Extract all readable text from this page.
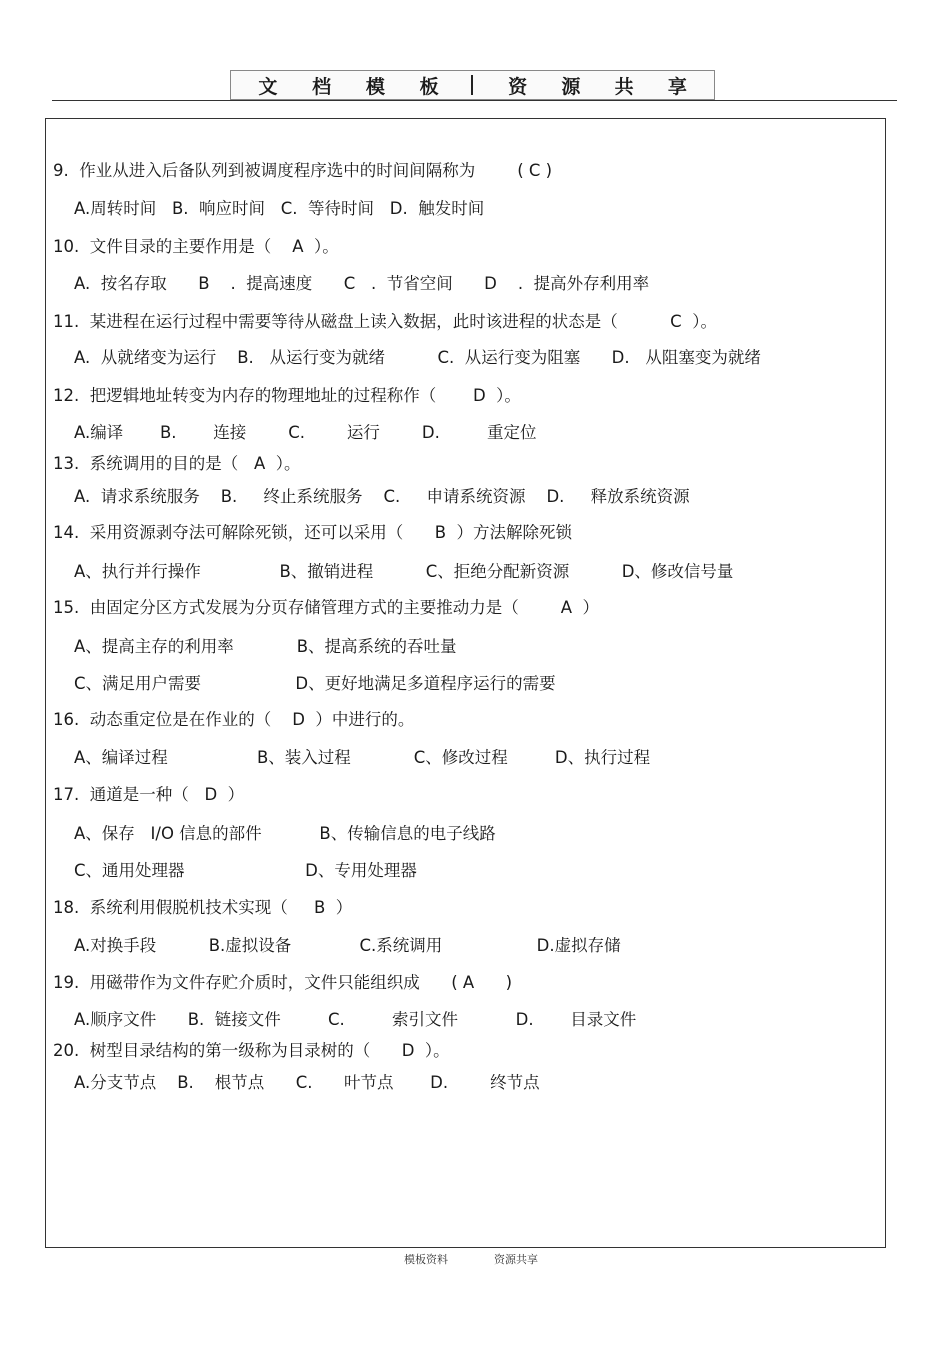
文 档 模 板	资 源 共 享
9.  作业从进入后备队列到被调度程序选中的时间间隔称为        ( C )
A.周转时间   B.  响应时间   C.  等待时间   D.  触发时间
10.  文件目录的主要作用是（    A  ）。
A.  按名存取      B    .  提高速度      C   .  节省空间      D    .  提高外存利用率
11.  某进程在运行过程中需要等待从磁盘上读入数据，此时该进程的状态是（          C  ）。
A.  从就绪变为运行    B.   从运行变为就绪          C.  从运行变为阻塞      D.   从阻塞变为就绪
12.  把逻辑地址转变为内存的物理地址的过程称作（       D  ）。
A.编译       B.       连接        C.        运行        D.         重定位
13.  系统调用的目的是（   A  ）。
A.  请求系统服务    B.     终止系统服务    C.     申请系统资源    D.     释放系统资源
14.  采用资源剥夺法可解除死锁，还可以采用（      B  ）方法解除死锁
A、执行并行操作               B、撤销进程          C、拒绝分配新资源          D、修改信号量
15.  由固定分区方式发展为分页存储管理方式的主要推动力是（        A  ）
A、提高主存的利用率            B、提高系统的吞吐量
C、满足用户需要                  D、更好地满足多道程序运行的需要
16.  动态重定位是在作业的（    D  ）中进行的。
A、编译过程                 B、装入过程            C、修改过程         D、执行过程
17.  通道是一种（   D  ）
A、保存   I/O 信息的部件           B、传输信息的电子线路
C、通用处理器                       D、专用处理器
18.  系统利用假脱机技术实现（     B  ）
A.对换手段          B.虚拟设备             C.系统调用                  D.虚拟存储
19.  用磁带作为文件存贮介质时，文件只能组织成      ( A      )
A.顺序文件      B.  链接文件         C.         索引文件           D.       目录文件
20.  树型目录结构的第一级称为目录树的（      D  ）。
A.分支节点    B.    根节点      C.      叶节点       D.        终节点
模板资料	资源共享
